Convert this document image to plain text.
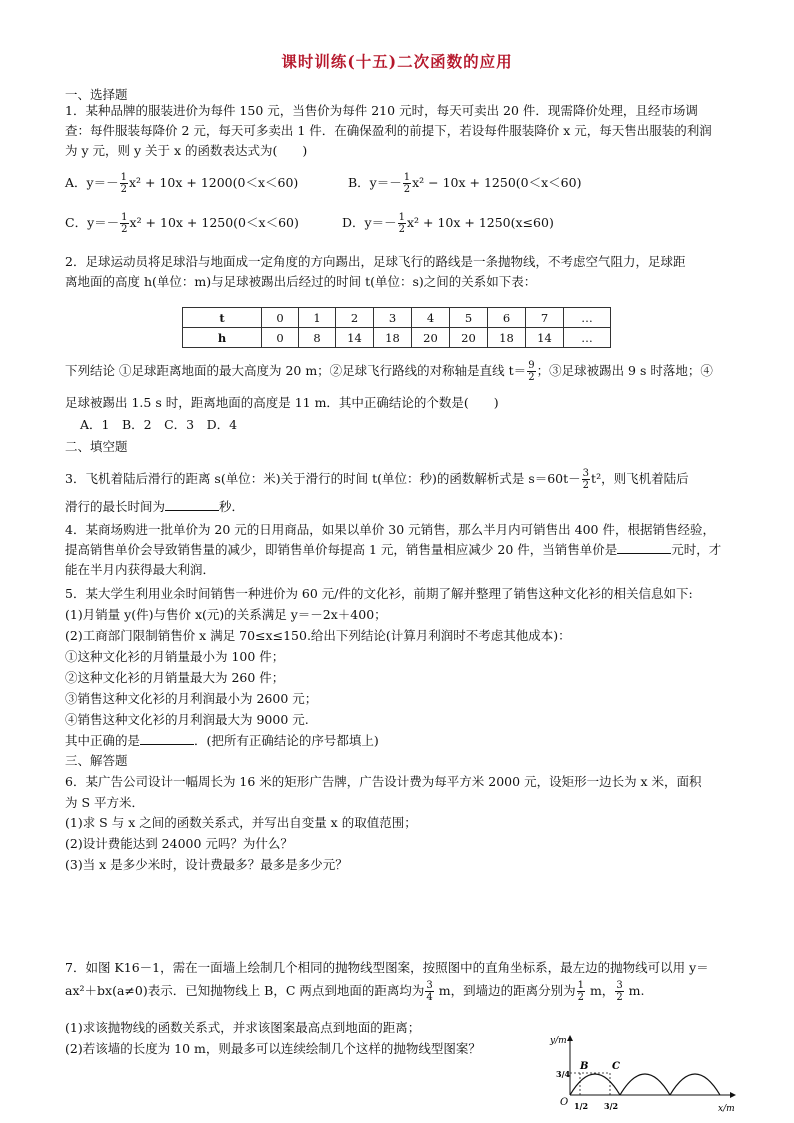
课时训练(十五)二次函数的应用
一、选择题
1．某种品牌的服装进价为每件 150 元，当售价为每件 210 元时，每天可卖出 20 件．现需降价处理，且经市场调
查：每件服装每降价 2 元，每天可多卖出 1 件．在确保盈利的前提下，若设每件服装降价 x 元，每天售出服装的利润
为 y 元，则 y 关于 x 的函数表达式为(　　)
A．$y=- \frac{1}{2} x^2 + 10x + 1200(0<x<60)$	B．$y=- \frac{1}{2} x^2 - 10x + 1250(0<x<60)$
C．$y=- \frac{1}{2} x^2 + 10x + 1250(0<x<60)$	D．$y=- \frac{1}{2} x^2 + 10x + 1250(x\le 60)$
2．足球运动员将足球沿与地面成一定角度的方向踢出，足球飞行的路线是一条抛物线，不考虑空气阻力，足球距
离地面的高度 h(单位：m)与足球被踢出后经过的时间 t(单位：s)之间的关系如下表：
t	0	1	2	3	4	5	6	7	…
h	0	8	14	18	20	20	18	14	…
下列结论 ①足球距离地面的最大高度为 20 m；②足球飞行路线的对称轴是直线 $t= \frac{9}{2}$ ；③足球被踢出 9 s 时落地；④
足球被踢出 1.5 s 时，距离地面的高度是 11 m．其中正确结论的个数是(　　)
A．1　B．2　C．3　D．4
二、填空题
3．飞机着陆后滑行的距离 s(单位：米)关于滑行的时间 t(单位：秒)的函数解析式是 $s=60t- \frac{3}{2} t^2$，则飞机着陆后
滑行的最长时间为	秒．
4．某商场购进一批单价为 20 元的日用商品，如果以单价 30 元销售，那么半月内可销售出 400 件，根据销售经验，
提高销售单价会导致销售量的减少，即销售单价每提高 1 元，销售量相应减少 20 件，当销售单价是	元时，才
能在半月内获得最大利润．
5．某大学生利用业余时间销售一种进价为 60 元/件的文化衫，前期了解并整理了销售这种文化衫的相关信息如下:
(1)月销量 y(件)与售价 x(元)的关系满足 y＝－2x＋400；
(2)工商部门限制销售价 x 满足 70≤x≤150.给出下列结论(计算月利润时不考虑其他成本)：
①这种文化衫的月销量最小为 100 件；
②这种文化衫的月销量最大为 260 件；
③销售这种文化衫的月利润最小为 2600 元；
④销售这种文化衫的月利润最大为 9000 元.
其中正确的是	．(把所有正确结论的序号都填上)
三、解答题
6．某广告公司设计一幅周长为 16 米的矩形广告牌，广告设计费为每平方米 2000 元，设矩形一边长为 x 米，面积
为 S 平方米．
(1)求 S 与 x 之间的函数关系式，并写出自变量 x 的取值范围；
(2)设计费能达到 24000 元吗？为什么？
(3)当 x 是多少米时，设计费最多？最多是多少元？
7．如图 K16－1，需在一面墙上绘制几个相同的抛物线型图案，按照图中的直角坐标系，最左边的抛物线可以用 y＝
ax²＋bx(a≠0)表示．已知抛物线上 B，C 两点到地面的距离均为 $\frac{3}{4}$ m，到墙边的距离分别为 $\frac{1}{2}$ m， $\frac{3}{2} m$.
(1)求该抛物线的函数关系式，并求该图案最高点到地面的距离；
(2)若该墙的长度为 10 m，则最多可以连续绘制几个这样的抛物线型图案？	y/m
x/m
O
B C
3/4
1/2 3/2
